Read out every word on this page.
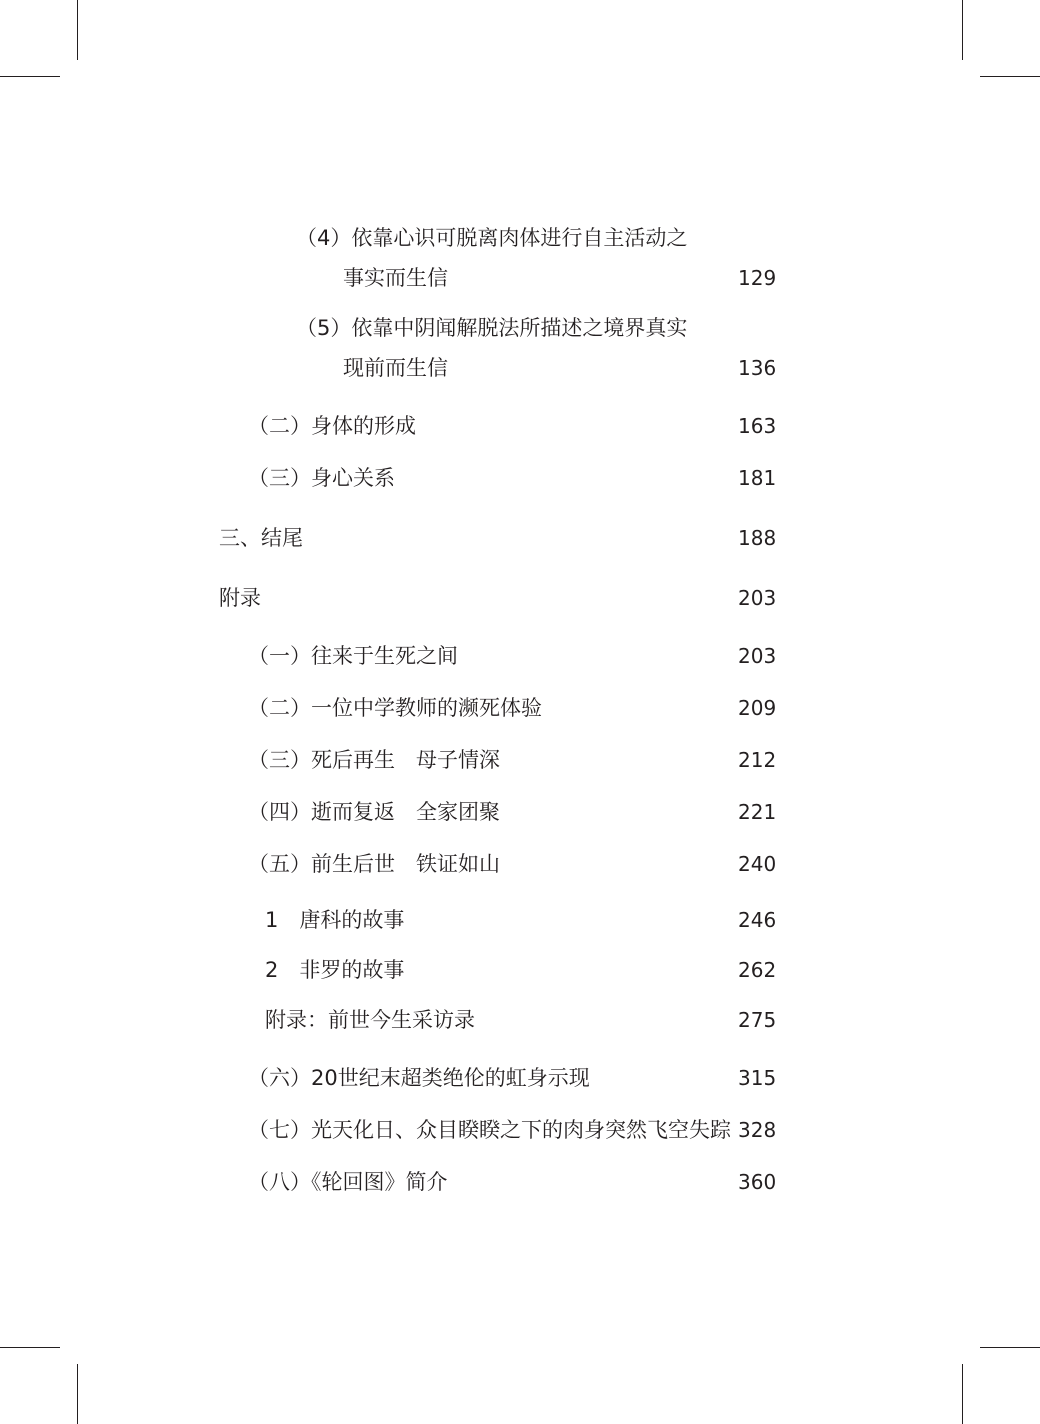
（4）依靠心识可脱离肉体进行自主活动之
事实而生信	129
（5）依靠中阴闻解脱法所描述之境界真实
现前而生信	136
（二）身体的形成	163
（三）身心关系	181
三、结尾	188
附录	203
（一）往来于生死之间	203
（二）一位中学教师的濒死体验	209
（三）死后再生　母子情深	212
（四）逝而复返　全家团聚	221
（五）前生后世　铁证如山	240
1　唐科的故事	246
2　非罗的故事	262
附录：前世今生采访录	275
（六）20世纪末超类绝伦的虹身示现	315
（七）光天化日、众目睽睽之下的肉身突然飞空失踪 328
（八）《轮回图》简介	360
